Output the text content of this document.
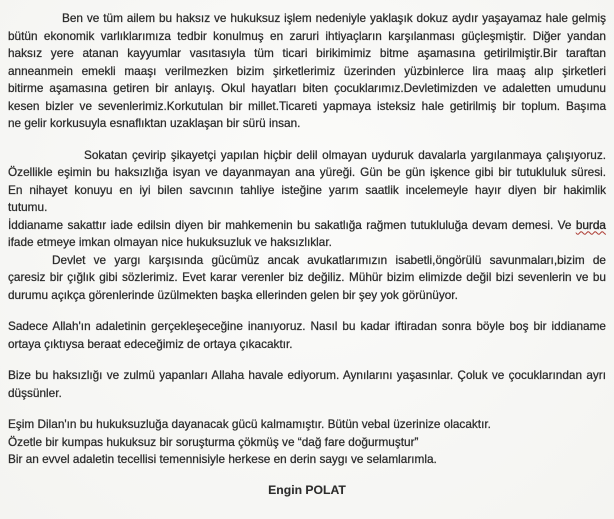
Ben ve tüm ailem bu haksız ve hukuksuz işlem nedeniyle yaklaşık dokuz aydır yaşayamaz hale gelmiş
bütün ekonomik varlıklarımıza tedbir konulmuş en zaruri ihtiyaçların karşılanması güçleşmiştir. Diğer yandan
haksız yere atanan kayyumlar vasıtasıyla tüm ticari birikimimiz bitme aşamasına getirilmiştir.Bir taraftan
anneanmein emekli maaşı verilmezken bizim şirketlerimiz üzerinden yüzbinlerce lira maaş alıp şirketleri
bitirme aşamasına getiren bir anlayış. Okul hayatları biten çocuklarımız.Devletimizden ve adaletten umudunu
kesen bizler ve sevenlerimiz.Korkutulan bir millet.Ticareti yapmaya isteksiz hale getirilmiş bir toplum. Başıma
ne gelir korkusuyla esnaflıktan uzaklaşan bir sürü insan.
Sokatan çevirip şikayetçi yapılan hiçbir delil olmayan uyduruk davalarla yargılanmaya çalışıyoruz.
Özellikle eşimin bu haksızlığa isyan ve dayanmayan ana yüreği. Gün be gün işkence gibi bir tutukluluk süresi.
En nihayet konuyu en iyi bilen savcının tahliye isteğine yarım saatlik incelemeyle hayır diyen bir hakimlik
tutumu.
İddianame sakattır iade edilsin diyen bir mahkemenin bu sakatlığa rağmen tutukluluğa devam demesi. Ve burda
ifade etmeye imkan olmayan nice hukuksuzluk ve haksızlıklar.
Devlet ve yargı karşısında gücümüz ancak avukatlarımızın isabetli,öngörülü savunmaları,bizim de
çaresiz bir çığlık gibi sözlerimiz. Evet karar verenler biz değiliz. Mühür bizim elimizde değil bizi sevenlerin ve bu
durumu açıkça görenlerinde üzülmekten başka ellerinden gelen bir şey yok görünüyor.
Sadece Allah'ın adaletinin gerçekleşeceğine inanıyoruz. Nasıl bu kadar iftiradan sonra böyle boş bir iddianame
ortaya çıktıysa beraat edeceğimiz de ortaya çıkacaktır.
Bize bu haksızlığı ve zulmü yapanları Allaha havale ediyorum. Aynılarını yaşasınlar. Çoluk ve çocuklarından ayrı
düşsünler.
Eşim Dilan'ın bu hukuksuzluğa dayanacak gücü kalmamıştır. Bütün vebal üzerinize olacaktır.
Özetle bir kumpas hukuksuz bir soruşturma çökmüş ve “dağ fare doğurmuştur”
Bir an evvel adaletin tecellisi temennisiyle herkese en derin saygı ve selamlarımla.
Engin POLAT
